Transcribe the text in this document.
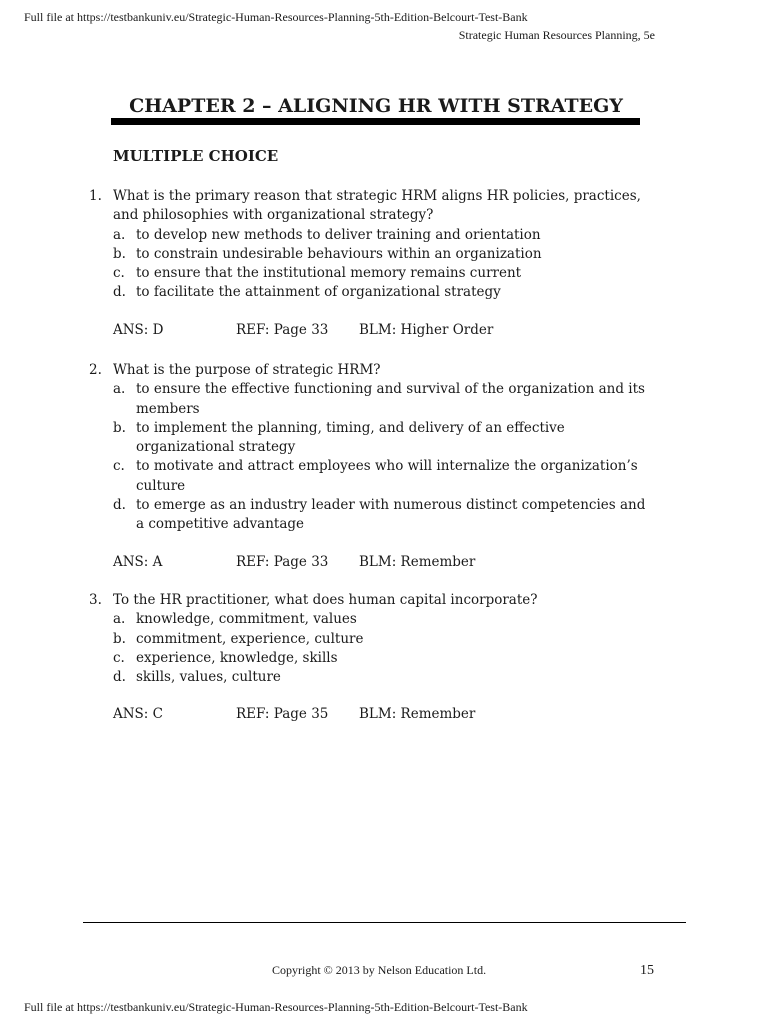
Full file at https://testbankuniv.eu/Strategic-Human-Resources-Planning-5th-Edition-Belcourt-Test-Bank
Strategic Human Resources Planning, 5e
CHAPTER 2 – ALIGNING HR WITH STRATEGY
MULTIPLE CHOICE
1. What is the primary reason that strategic HRM aligns HR policies, practices, and philosophies with organizational strategy?
a. to develop new methods to deliver training and orientation
b. to constrain undesirable behaviours within an organization
c. to ensure that the institutional memory remains current
d. to facilitate the attainment of organizational strategy
ANS: D	REF: Page 33 BLM: Higher Order
2. What is the purpose of strategic HRM?
a. to ensure the effective functioning and survival of the organization and its members
b. to implement the planning, timing, and delivery of an effective organizational strategy
c. to motivate and attract employees who will internalize the organization’s culture
d. to emerge as an industry leader with numerous distinct competencies and a competitive advantage
ANS: A	REF: Page 33 BLM: Remember
3. To the HR practitioner, what does human capital incorporate?
a. knowledge, commitment, values
b. commitment, experience, culture
c. experience, knowledge, skills
d. skills, values, culture
ANS: C	REF: Page 35 BLM: Remember
Copyright © 2013 by Nelson Education Ltd.	15
Full file at https://testbankuniv.eu/Strategic-Human-Resources-Planning-5th-Edition-Belcourt-Test-Bank
